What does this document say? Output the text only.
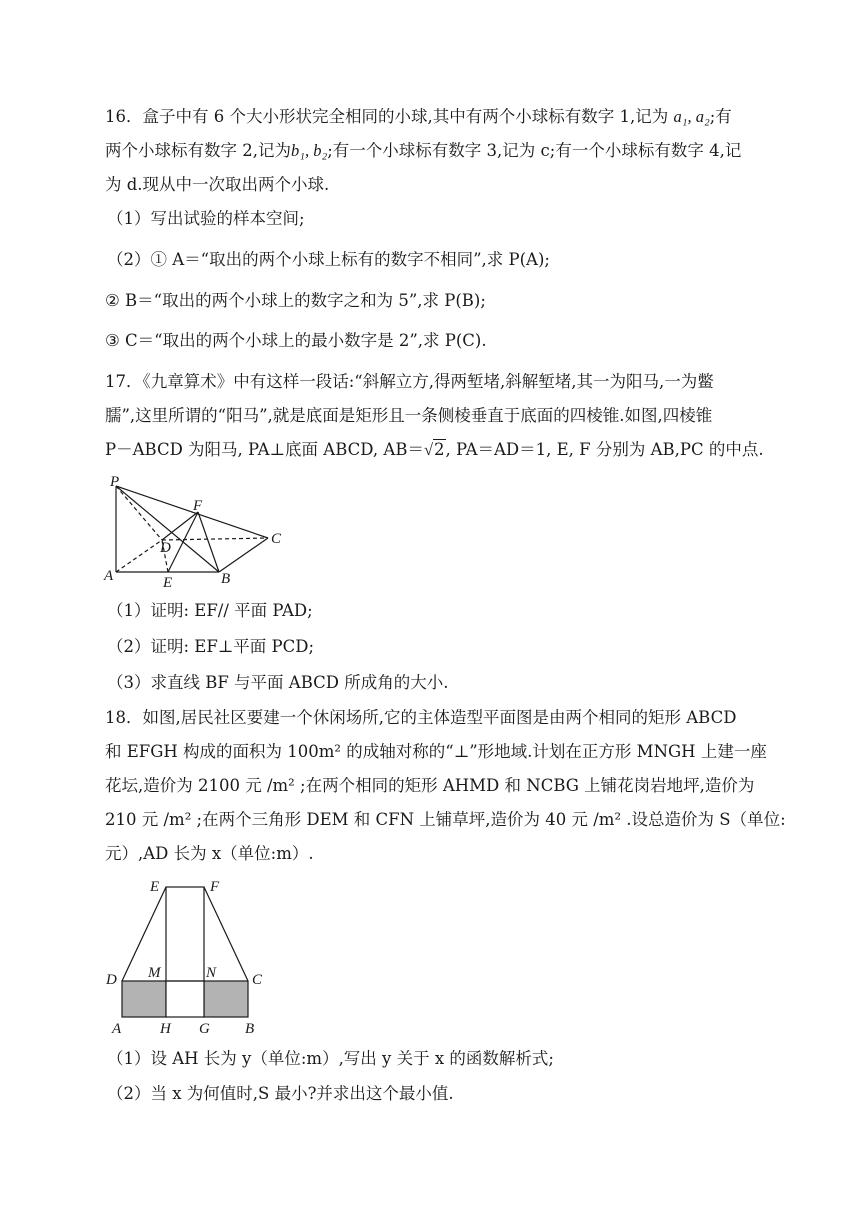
16．盒子中有 6 个大小形状完全相同的小球,其中有两个小球标有数字 1,记为 a₁, a₂;有
两个小球标有数字 2,记为b₁, b₂;有一个小球标有数字 3,记为 c;有一个小球标有数字 4,记
为 d.现从中一次取出两个小球.
（1）写出试验的样本空间;
（2）① A＝“取出的两个小球上标有的数字不相同”,求 P(A);
② B＝“取出的两个小球上的数字之和为 5”,求 P(B);
③ C＝“取出的两个小球上的最小数字是 2”,求 P(C).
17．《九章算术》中有这样一段话:“斜解立方,得两堑堵,斜解堑堵,其一为阳马,一为鳖
臑”,这里所谓的“阳马”,就是底面是矩形且一条侧棱垂直于底面的四棱锥.如图,四棱锥
P－ABCD 为阳马, PA⊥底面 ABCD, AB＝√2, PA＝AD＝1, E, F 分别为 AB,PC 的中点.
P
F
D
C
A	E	B
（1）证明: EF// 平面 PAD;
（2）证明: EF⊥平面 PCD;
（3）求直线 BF 与平面 ABCD 所成角的大小.
18．如图,居民社区要建一个休闲场所,它的主体造型平面图是由两个相同的矩形 ABCD
和 EFGH 构成的面积为 100m² 的成轴对称的“⊥”形地域.计划在正方形 MNGH 上建一座
花坛,造价为 2100 元 /m² ;在两个相同的矩形 AHMD 和 NCBG 上铺花岗岩地坪,造价为
210 元 /m² ;在两个三角形 DEM 和 CFN 上铺草坪,造价为 40 元 /m² .设总造价为 S（单位:
元）,AD 长为 x（单位:m）.
E	F
D M	N C
A	H G B
（1）设 AH 长为 y（单位:m）,写出 y 关于 x 的函数解析式;
（2）当 x 为何值时,S 最小?并求出这个最小值.
